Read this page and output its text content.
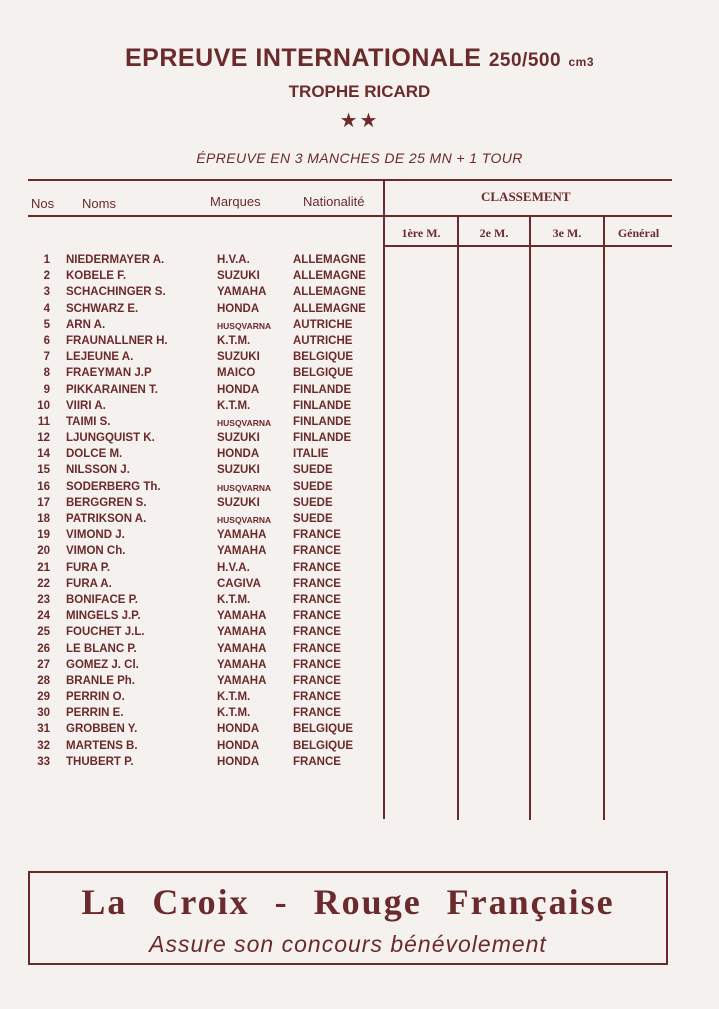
EPREUVE INTERNATIONALE 250/500 cm3
TROPHE RICARD
★★
ÉPREUVE EN 3 MANCHES DE 25 MN + 1 TOUR
Nos Noms	Marques	Nationalité	CLASSEMENT
1ère M.	2e M.	3e M.	Général
1 NIEDERMAYER A.	H.V.A.	ALLEMAGNE
2 KOBELE F.	SUZUKI	ALLEMAGNE
3 SCHACHINGER S.	YAMAHA ALLEMAGNE
4 SCHWARZ E.	HONDA	ALLEMAGNE
5 ARN A.	HUSQVARNA AUTRICHE
6 FRAUNALLNER H.	K.T.M.	AUTRICHE
7 LEJEUNE A.	SUZUKI	BELGIQUE
8 FRAEYMAN J.P	MAICO	BELGIQUE
9 PIKKARAINEN T.	HONDA	FINLANDE
10 VIIRI A.	K.T.M.	FINLANDE
11 TAIMI S.	HUSQVARNA FINLANDE
12 LJUNGQUIST K.	SUZUKI	FINLANDE
14 DOLCE M.	HONDA	ITALIE
15 NILSSON J.	SUZUKI	SUEDE
16 SODERBERG Th.	HUSQVARNA SUEDE
17 BERGGREN S.	SUZUKI	SUEDE
18 PATRIKSON A.	HUSQVARNA SUEDE
19 VIMOND J.	YAMAHA FRANCE
20 VIMON Ch.	YAMAHA FRANCE
21 FURA P.	H.V.A.	FRANCE
22 FURA A.	CAGIVA	FRANCE
23 BONIFACE P.	K.T.M.	FRANCE
24 MINGELS J.P.	YAMAHA FRANCE
25 FOUCHET J.L.	YAMAHA FRANCE
26 LE BLANC P.	YAMAHA FRANCE
27 GOMEZ J. Cl.	YAMAHA FRANCE
28 BRANLE Ph.	YAMAHA FRANCE
29 PERRIN O.	K.T.M.	FRANCE
30 PERRIN E.	K.T.M.	FRANCE
31 GROBBEN Y.	HONDA	BELGIQUE
32 MARTENS B.	HONDA	BELGIQUE
33 THUBERT P.	HONDA	FRANCE
La Croix - Rouge Française
Assure son concours bénévolement
